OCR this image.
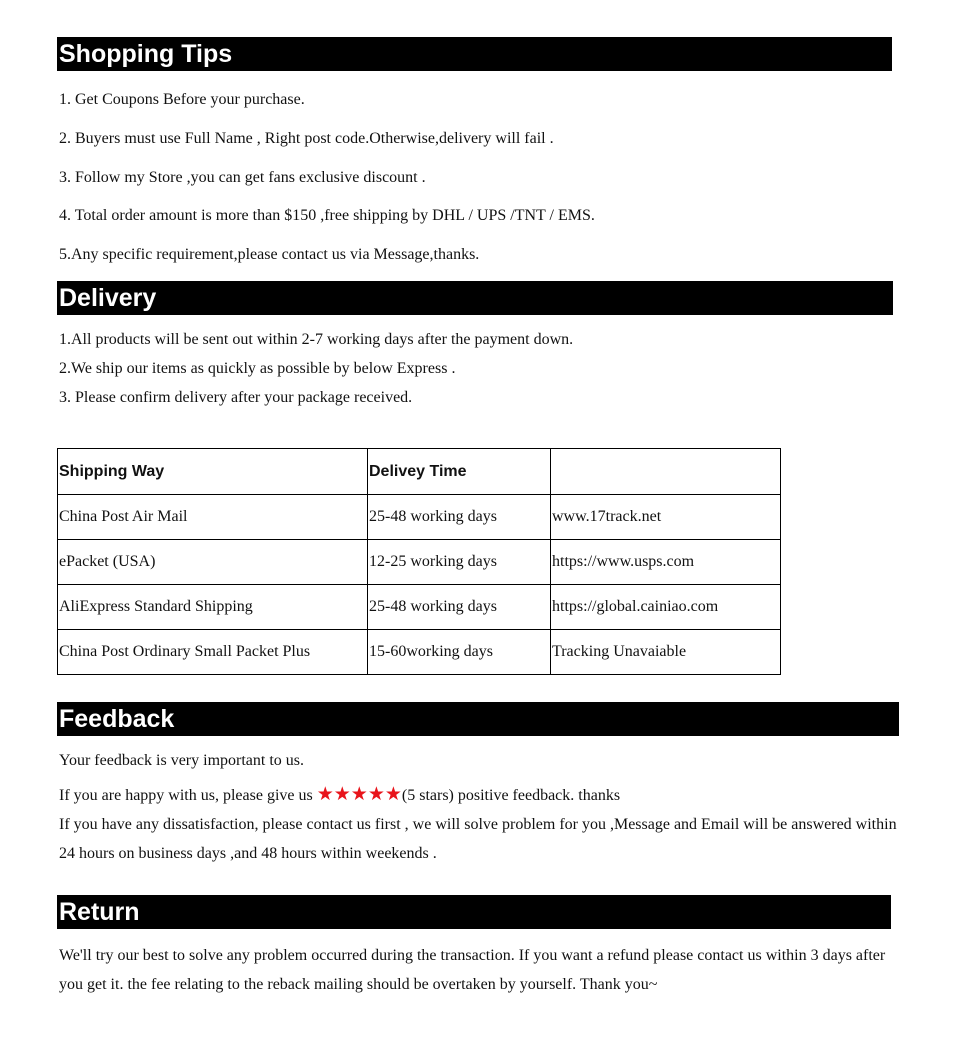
Shopping Tips
1. Get Coupons Before your purchase.
2. Buyers must use Full Name , Right post code.Otherwise,delivery will fail .
3. Follow my Store ,you can get fans exclusive discount .
4. Total order amount is more than $150 ,free shipping by DHL / UPS /TNT / EMS.
5.Any specific requirement,please contact us via Message,thanks.
Delivery
1.All products will be sent out within 2-7 working days after the payment down.
2.We ship our items as quickly as possible by below Express .
3. Please confirm delivery after your package received.
Shipping Way	Delivey Time	
China Post Air Mail	25-48 working days	www.17track.net
ePacket (USA)	12-25 working days	https://www.usps.com
AliExpress Standard Shipping	25-48 working days	https://global.cainiao.com
China Post Ordinary Small Packet Plus	15-60working days	Tracking Unavaiable
Feedback
Your feedback is very important to us.
If you are happy with us, please give us ★★★★★(5 stars) positive feedback. thanks
If you have any dissatisfaction, please contact us first , we will solve problem for you ,Message and Email will be answered within 24 hours on business days ,and 48 hours within weekends .
Return
We'll try our best to solve any problem occurred during the transaction. If you want a refund please contact us within 3 days after you get it. the fee relating to the reback mailing should be overtaken by yourself. Thank you~
